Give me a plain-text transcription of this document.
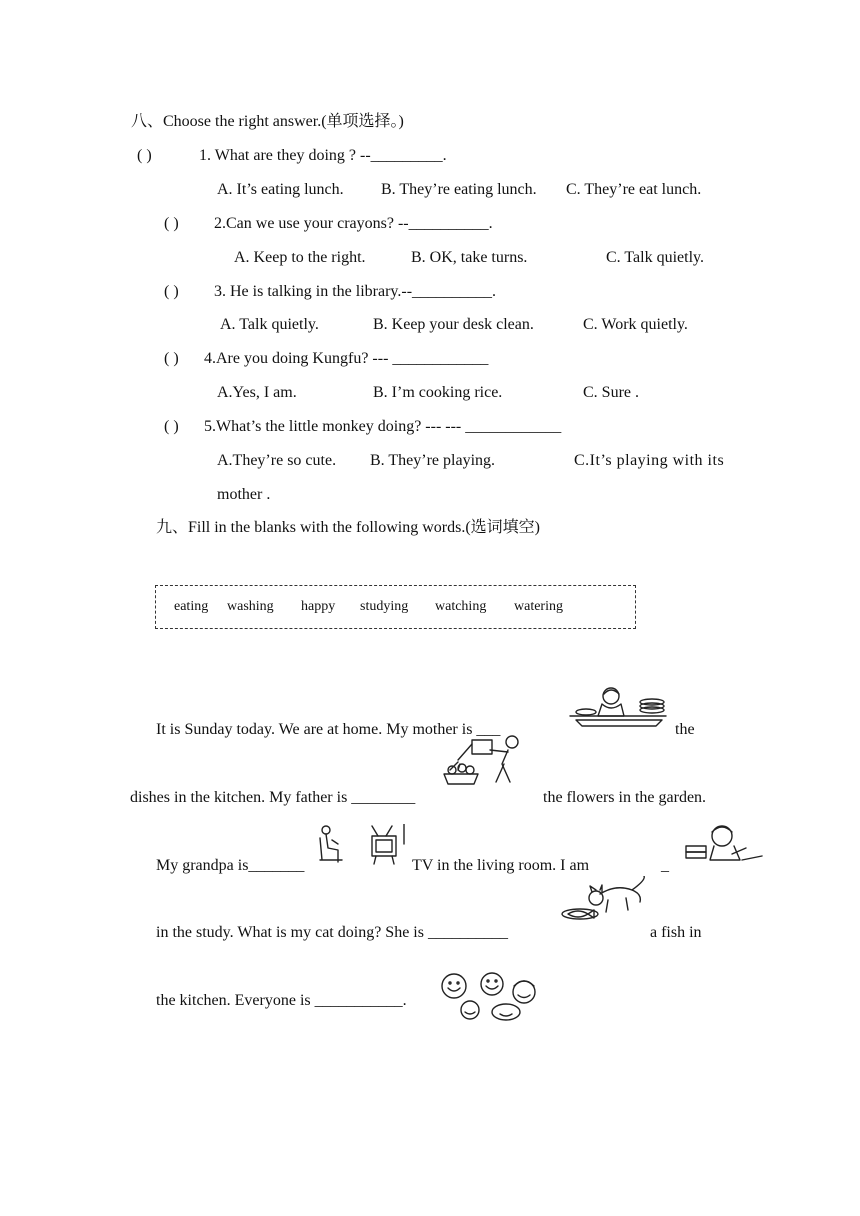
八、Choose the right answer.(单项选择。)
( )	1. What are they doing ? --_________.
A. It’s eating lunch. B. They’re eating lunch. C. They’re eat lunch.
( ) 2.Can we use your crayons? --__________.
A. Keep to the right.	B. OK, take turns.	C. Talk quietly.
( ) 3. He is talking in the library.--__________.
A. Talk quietly.	B. Keep your desk clean.	C. Work quietly.
( ) 4.Are you doing Kungfu? --- ____________
A.Yes, I am.	B. I’m cooking rice.	C. Sure .
( ) 5.What’s the little monkey doing? --- --- ____________
A.They’re so cute. B. They’re playing.	C.It’s playing with its
mother .
九、Fill in the blanks with the following words.(选词填空)
eating washing happy studying watching watering
It is Sunday today. We are at home. My mother is ___	the
dishes in the kitchen. My father is ________	the flowers in the garden.
My grandpa is_______	TV in the living room. I am	_
in the study. What is my cat doing? She is __________	a fish in
the kitchen. Everyone is ___________.
